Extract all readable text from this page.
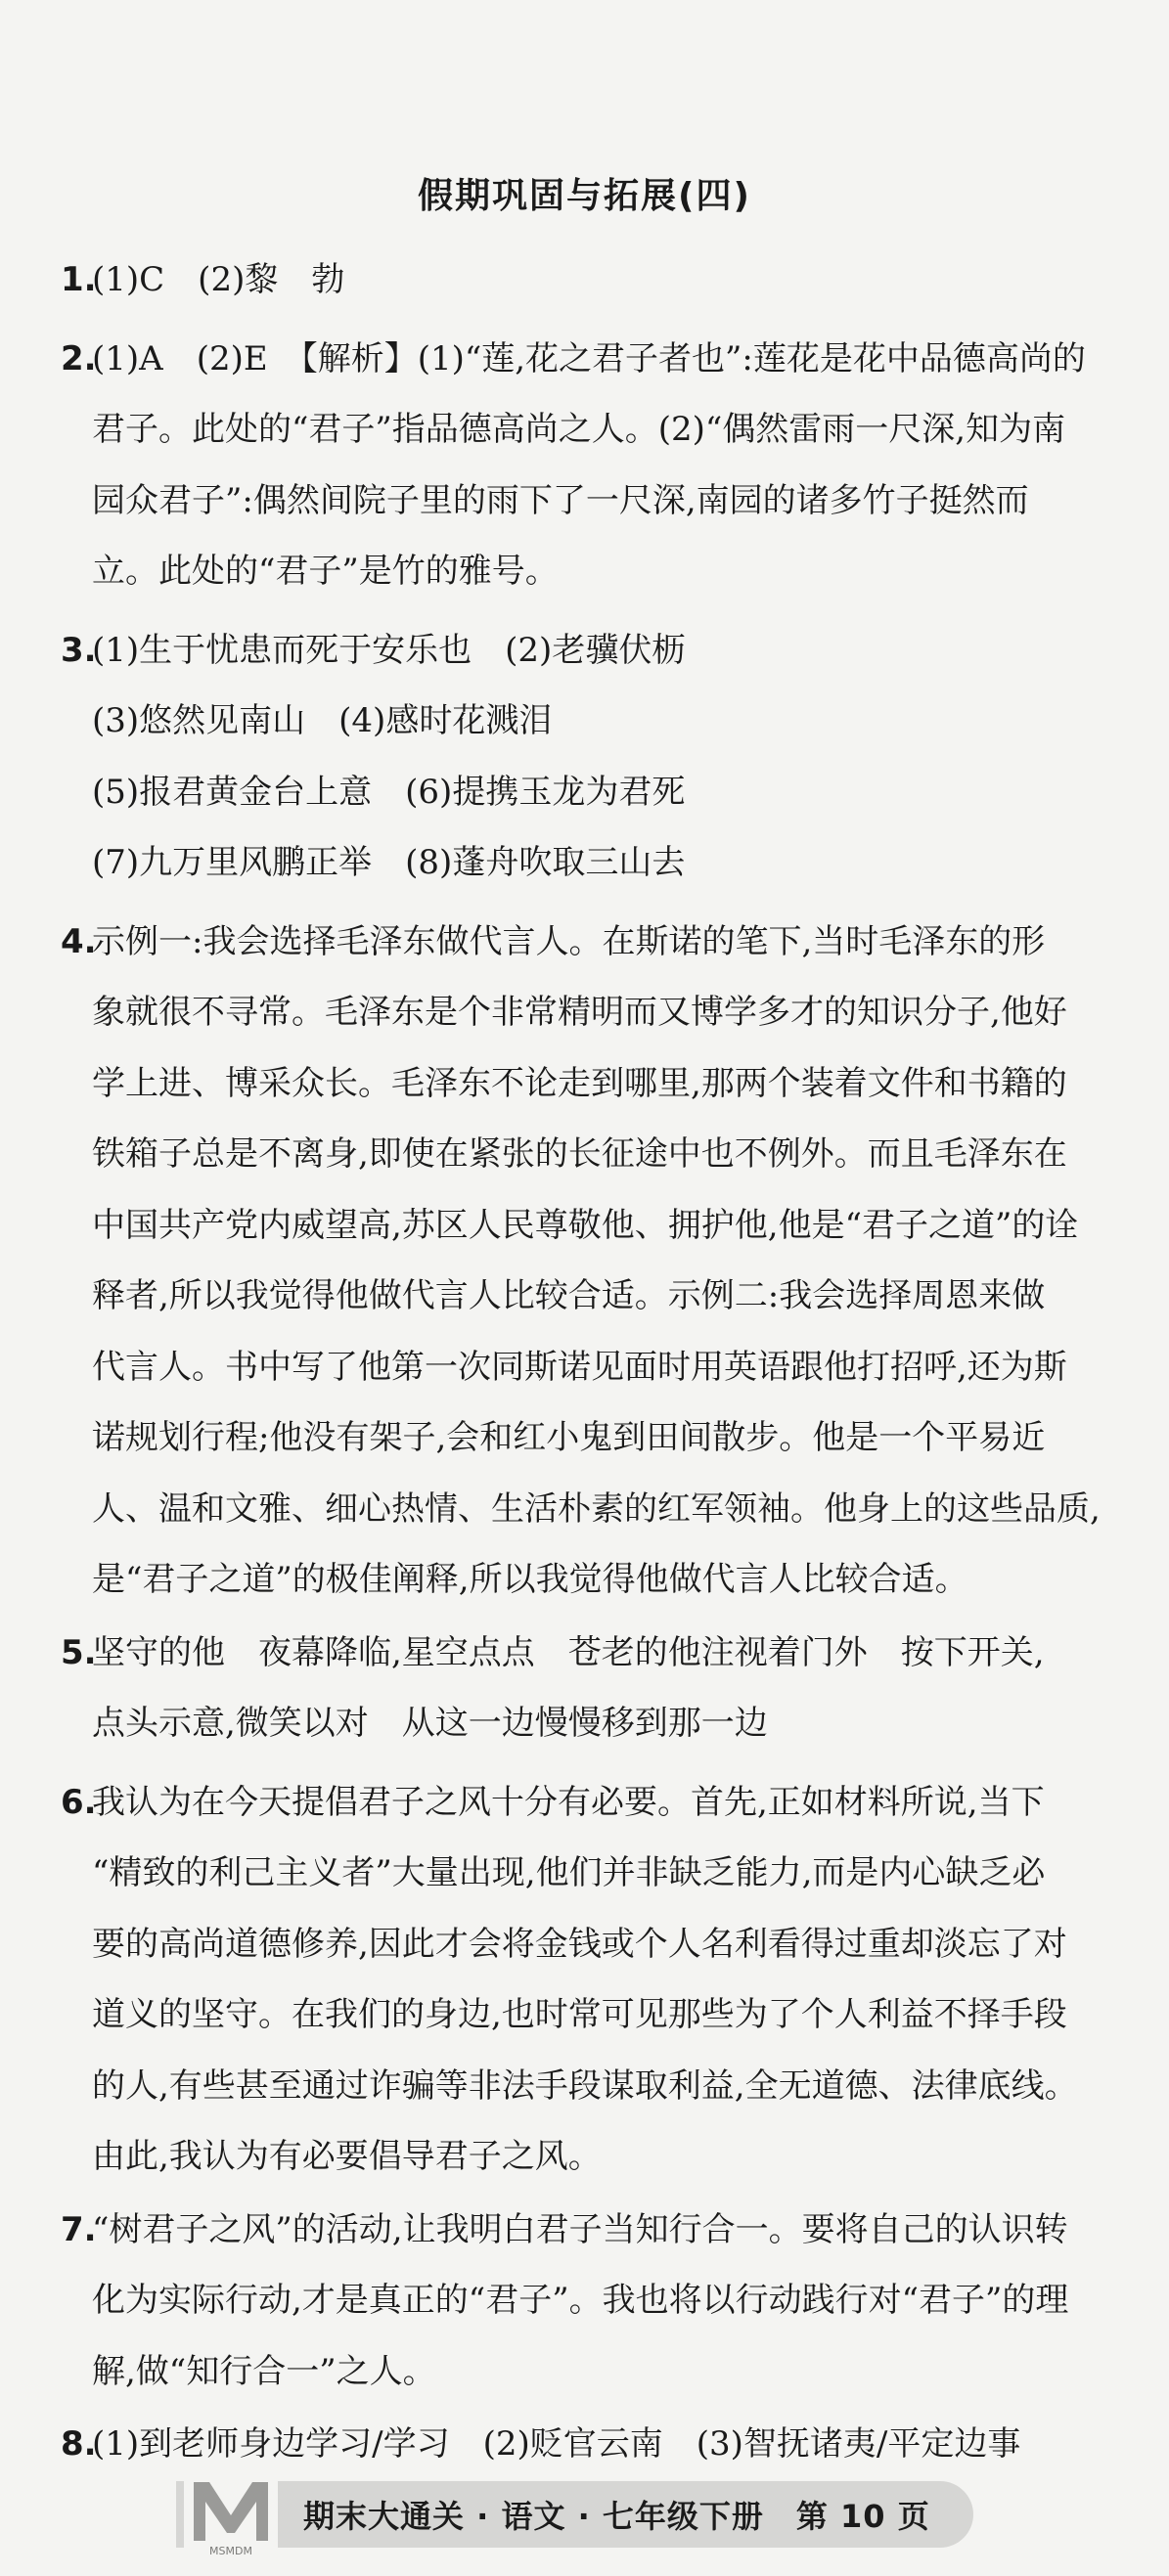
假期巩固与拓展(四)
1.
(1)C　(2)黎　勃
2.
(1)A　(2)E　【解析】(1)“莲,花之君子者也”:莲花是花中品德高尚的
君子。此处的“君子”指品德高尚之人。(2)“偶然雷雨一尺深,知为南
园众君子”:偶然间院子里的雨下了一尺深,南园的诸多竹子挺然而
立。此处的“君子”是竹的雅号。
3.
(1)生于忧患而死于安乐也　(2)老骥伏枥
(3)悠然见南山　(4)感时花溅泪
(5)报君黄金台上意　(6)提携玉龙为君死
(7)九万里风鹏正举　(8)蓬舟吹取三山去
4.
示例一:我会选择毛泽东做代言人。在斯诺的笔下,当时毛泽东的形
象就很不寻常。毛泽东是个非常精明而又博学多才的知识分子,他好
学上进、博采众长。毛泽东不论走到哪里,那两个装着文件和书籍的
铁箱子总是不离身,即使在紧张的长征途中也不例外。而且毛泽东在
中国共产党内威望高,苏区人民尊敬他、拥护他,他是“君子之道”的诠
释者,所以我觉得他做代言人比较合适。示例二:我会选择周恩来做
代言人。书中写了他第一次同斯诺见面时用英语跟他打招呼,还为斯
诺规划行程;他没有架子,会和红小鬼到田间散步。他是一个平易近
人、温和文雅、细心热情、生活朴素的红军领袖。他身上的这些品质,
是“君子之道”的极佳阐释,所以我觉得他做代言人比较合适。
5.
坚守的他　夜幕降临,星空点点　苍老的他注视着门外　按下开关,
点头示意,微笑以对　从这一边慢慢移到那一边
6.
我认为在今天提倡君子之风十分有必要。首先,正如材料所说,当下
“精致的利己主义者”大量出现,他们并非缺乏能力,而是内心缺乏必
要的高尚道德修养,因此才会将金钱或个人名利看得过重却淡忘了对
道义的坚守。在我们的身边,也时常可见那些为了个人利益不择手段
的人,有些甚至通过诈骗等非法手段谋取利益,全无道德、法律底线。
由此,我认为有必要倡导君子之风。
7.
“树君子之风”的活动,让我明白君子当知行合一。要将自己的认识转
化为实际行动,才是真正的“君子”。我也将以行动践行对“君子”的理
解,做“知行合一”之人。
8.
(1)到老师身边学习/学习　(2)贬官云南　(3)智抚诸夷/平定边事
MSMDM
期末大通关 · 语文 · 七年级下册　第 10 页
